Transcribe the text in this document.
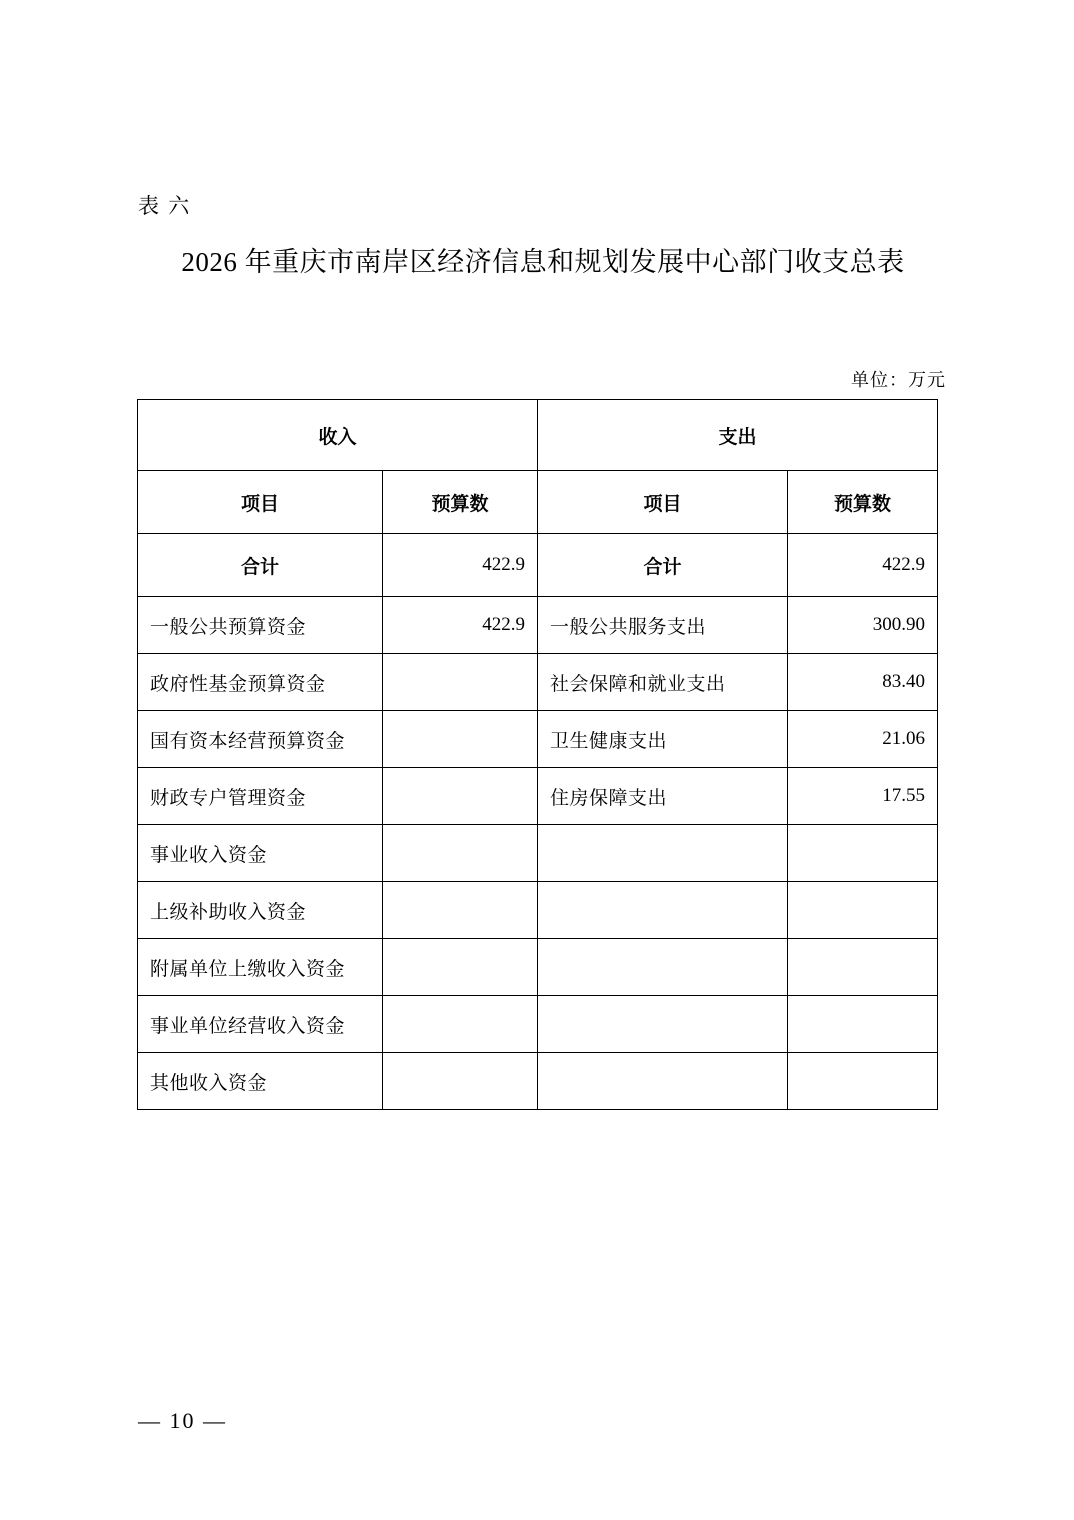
表 六
2026 年重庆市南岸区经济信息和规划发展中心部门收支总表
单位：万元
收入		支出	
项目	预算数	项目	预算数
合计	422.9	合计	422.9
一般公共预算资金	422.9	一般公共服务支出	300.90
政府性基金预算资金		社会保障和就业支出	83.40
国有资本经营预算资金		卫生健康支出	21.06
财政专户管理资金		住房保障支出	17.55
事业收入资金			
上级补助收入资金			
附属单位上缴收入资金			
事业单位经营收入资金			
其他收入资金			
— 10 —
